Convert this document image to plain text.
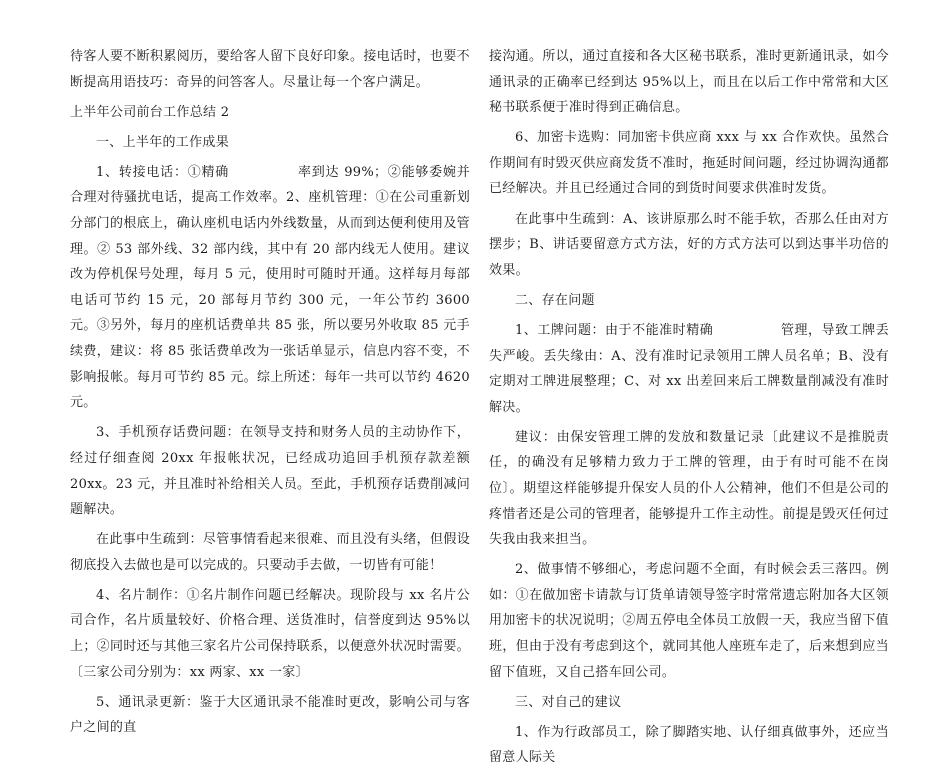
待客人要不断积累阅历，要给客人留下良好印象。接电话时，也要不断提高用语技巧：奇异的问答客人。尽量让每一个客户满足。

上半年公司前台工作总结 2

一、上半年的工作成果

1、转接电话：①精确　　　　　率到达 99%；②能够委婉并合理对待骚扰电话，提高工作效率。2、座机管理：①在公司重新划分部门的根底上，确认座机电话内外线数量，从而到达便利使用及管理。② 53 部外线、32 部内线，其中有 20 部内线无人使用。建议改为停机保号处理，每月 5 元，使用时可随时开通。这样每月每部电话可节约 15 元，20 部每月节约 300 元，一年公节约 3600 元。③另外，每月的座机话费单共 85 张，所以要另外收取 85 元手续费，建议：将 85 张话费单改为一张话单显示，信息内容不变，不影响报帐。每月可节约 85 元。综上所述：每年一共可以节约 4620 元。

3、手机预存话费问题：在领导支持和财务人员的主动协作下，经过仔细查阅 20xx 年报帐状况，已经成功追回手机预存款差额 20xx。23 元，并且准时补给相关人员。至此，手机预存话费削减问题解决。

在此事中生疏到：尽管事情看起来很难、而且没有头绪，但假设彻底投入去做也是可以完成的。只要动手去做，一切皆有可能！

4、名片制作：①名片制作问题已经解决。现阶段与 xx 名片公司合作，名片质量较好、价格合理、送货准时，信誉度到达 95%以上；②同时还与其他三家名片公司保持联系，以便意外状况时需要。〔三家公司分别为：xx 两家、xx 一家〕

5、通讯录更新：鉴于大区通讯录不能准时更改，影响公司与客户之间的直

接沟通。所以，通过直接和各大区秘书联系，准时更新通讯录，如今通讯录的正确率已经到达 95%以上，而且在以后工作中常常和大区秘书联系便于准时得到正确信息。

6、加密卡选购：同加密卡供应商 xxx 与 xx 合作欢快。虽然合作期间有时毁灭供应商发货不准时，拖延时间问题，经过协调沟通都已经解决。并且已经通过合同的到货时间要求供准时发货。

在此事中生疏到：A、该讲原那么时不能手软，否那么任由对方摆步；B、讲话要留意方式方法，好的方式方法可以到达事半功倍的效果。

二、存在问题

1、工牌问题：由于不能准时精确　　　　　管理，导致工牌丢失严峻。丢失缘由：A、没有准时记录领用工牌人员名单；B、没有定期对工牌进展整理；C、对 xx 出差回来后工牌数量削减没有准时解决。

建议：由保安管理工牌的发放和数量记录〔此建议不是推脱责任，的确没有足够精力致力于工牌的管理，由于有时可能不在岗位〕。期望这样能够提升保安人员的仆人公精神，他们不但是公司的疼惜者还是公司的管理者，能够提升工作主动性。前提是毁灭任何过失我由我来担当。

2、做事情不够细心，考虑问题不全面，有时候会丢三落四。例如：①在做加密卡请款与订货单请领导签字时常常遗忘附加各大区领用加密卡的状况说明；②周五停电全体员工放假一天，我应当留下值班，但由于没有考虑到这个，就同其他人座班车走了，后来想到应当留下值班，又自己搭车回公司。

三、对自己的建议

1、作为行政部员工，除了脚踏实地、认仔细真做事外，还应当留意人际关
